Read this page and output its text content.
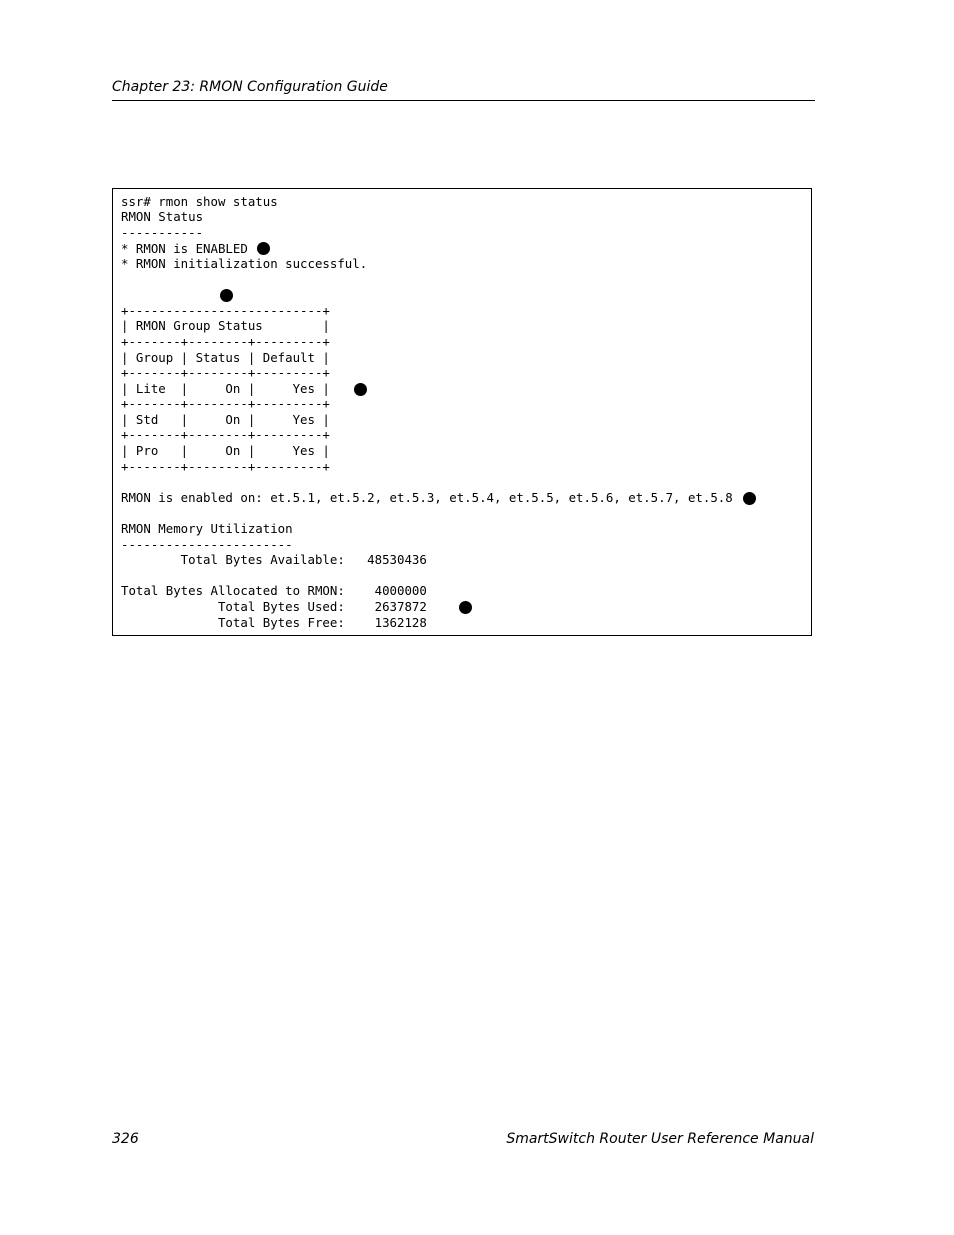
Chapter 23: RMON Configuration Guide
ssr# rmon show status
RMON Status
-----------
* RMON is ENABLED
* RMON initialization successful.
+--------------------------+
| RMON Group Status        |
+-------+--------+---------+
| Group | Status | Default |
+-------+--------+---------+
| Lite  |     On |     Yes |
+-------+--------+---------+
| Std   |     On |     Yes |
+-------+--------+---------+
| Pro   |     On |     Yes |
+-------+--------+---------+
RMON is enabled on: et.5.1, et.5.2, et.5.3, et.5.4, et.5.5, et.5.6, et.5.7, et.5.8
RMON Memory Utilization
-----------------------
Total Bytes Available:   48530436
Total Bytes Allocated to RMON:    4000000
Total Bytes Used:    2637872
Total Bytes Free:    1362128
326	SmartSwitch Router User Reference Manual
